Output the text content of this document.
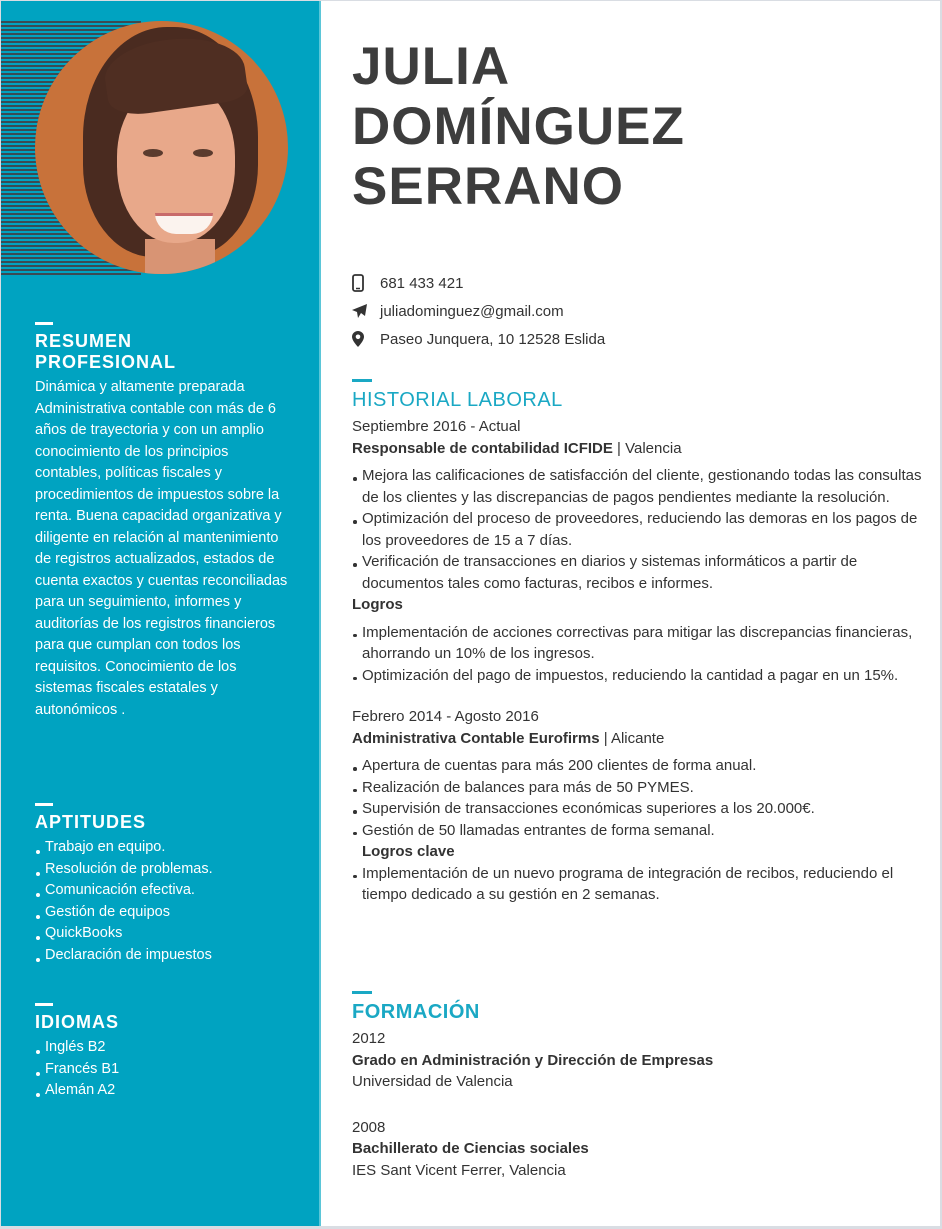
RESUMEN
PROFESIONAL
Dinámica y altamente preparada Administrativa contable con más de 6 años de trayectoria y con un amplio conocimiento de los principios contables, políticas fiscales y procedimientos de impuestos sobre la renta. Buena capacidad organizativa y diligente en relación al mantenimiento de registros actualizados, estados de cuenta exactos y cuentas reconciliadas para un seguimiento, informes y auditorías de los registros financieros para que cumplan con todos los requisitos. Conocimiento de los sistemas fiscales estatales y autonómicos .
APTITUDES
Trabajo en equipo.
Resolución de problemas.
Comunicación efectiva.
Gestión de equipos
QuickBooks
Declaración de impuestos
IDIOMAS
Inglés B2
Francés B1
Alemán A2
JULIA
DOMÍNGUEZ
SERRANO
681 433 421
juliadominguez@gmail.com
Paseo Junquera, 10 12528 Eslida
HISTORIAL LABORAL
Septiembre 2016 - Actual
Responsable de contabilidad ICFIDE | Valencia
Mejora las calificaciones de satisfacción del cliente, gestionando todas las consultas de los clientes y las discrepancias de pagos pendientes mediante la resolución.
Optimización del proceso de proveedores, reduciendo las demoras en los pagos de los proveedores de 15 a 7 días.
Verificación de transacciones en diarios y sistemas informáticos a partir de documentos tales como facturas, recibos e informes.
Logros
Implementación de acciones correctivas para mitigar las discrepancias financieras, ahorrando un 10% de los ingresos.
Optimización del pago de impuestos, reduciendo la cantidad a pagar en un 15%.
Febrero 2014 - Agosto 2016
Administrativa Contable Eurofirms | Alicante
Apertura de cuentas para más 200 clientes de forma anual.
Realización de balances para más de 50 PYMES.
Supervisión de transacciones económicas superiores a los 20.000€.
Gestión de 50 llamadas entrantes de forma semanal.
Logros clave
Implementación de un nuevo programa de integración de recibos, reduciendo el tiempo dedicado a su gestión en 2 semanas.
FORMACIÓN
2012
Grado en Administración y Dirección de Empresas
Universidad de Valencia
2008
Bachillerato de Ciencias sociales
IES Sant Vicent Ferrer, Valencia
